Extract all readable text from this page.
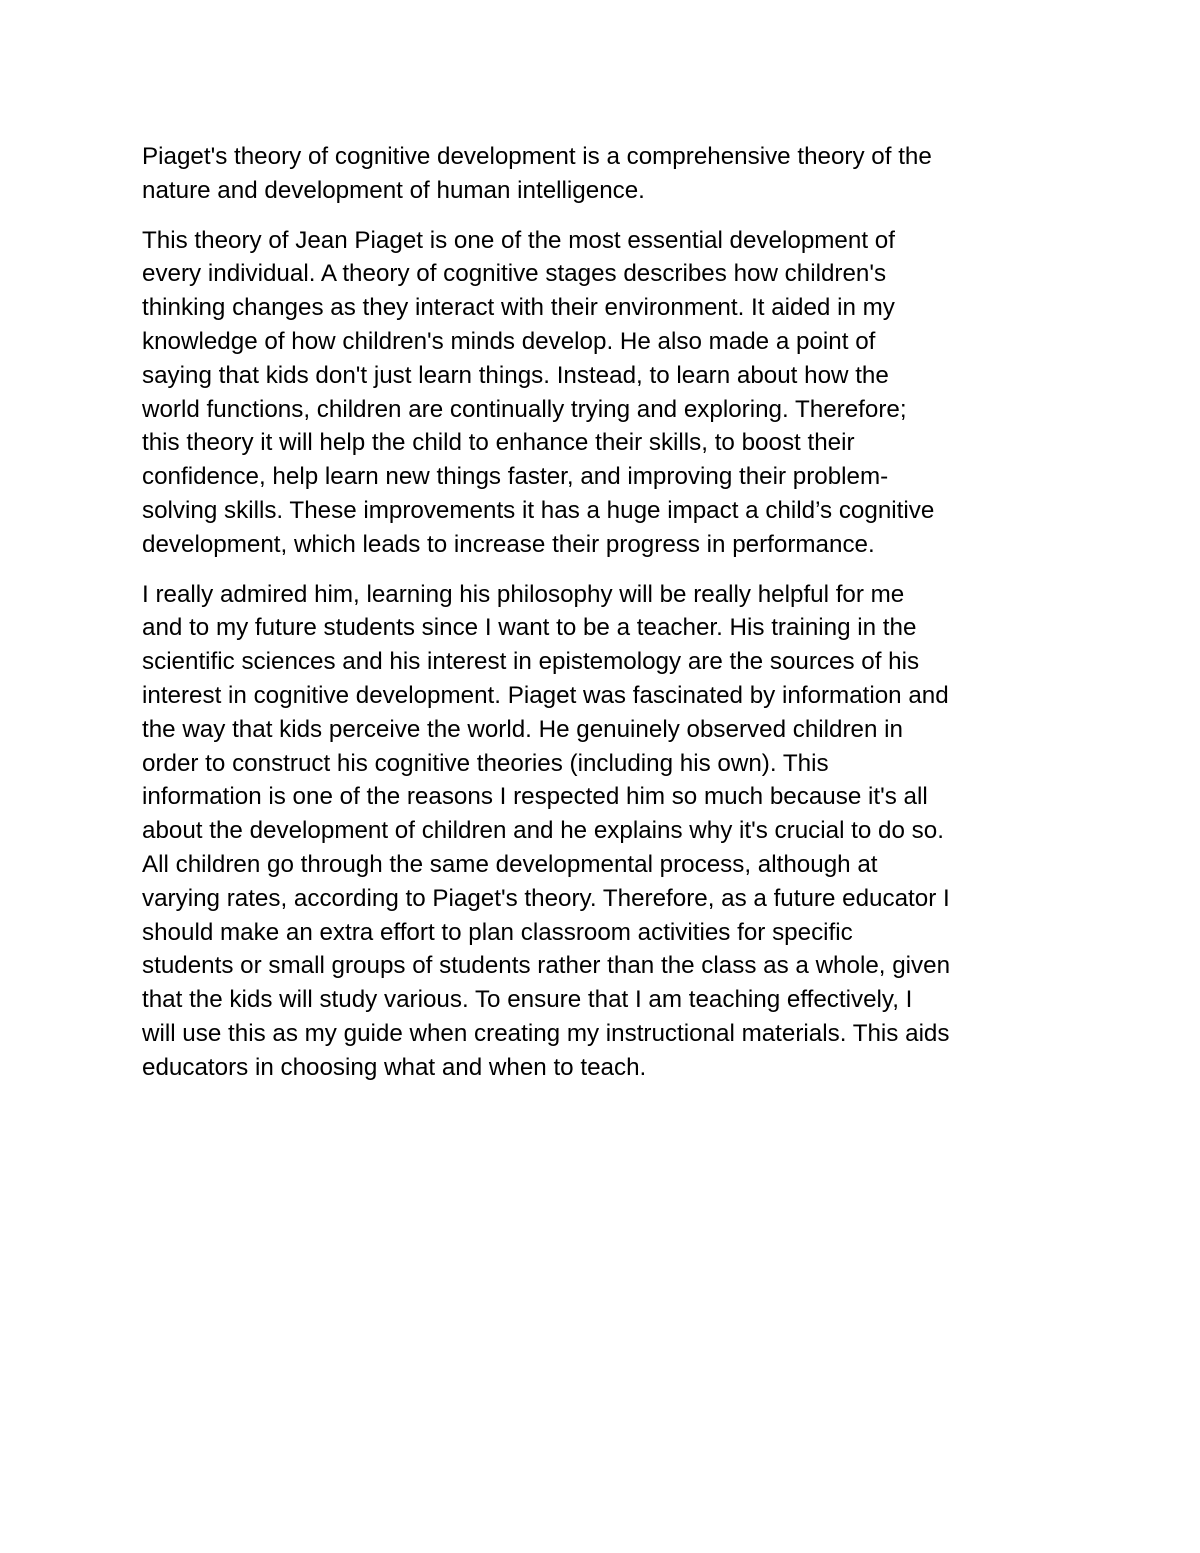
Piaget's theory of cognitive development is a comprehensive theory of the
nature and development of human intelligence.

This theory of Jean Piaget is one of the most essential development of
every individual. A theory of cognitive stages describes how children's
thinking changes as they interact with their environment. It aided in my
knowledge of how children's minds develop. He also made a point of
saying that kids don't just learn things. Instead, to learn about how the
world functions, children are continually trying and exploring. Therefore;
this theory it will help the child to enhance their skills, to boost their
confidence, help learn new things faster, and improving their problem-
solving skills. These improvements it has a huge impact a child’s cognitive
development, which leads to increase their progress in performance.

I really admired him, learning his philosophy will be really helpful for me
and to my future students since I want to be a teacher. His training in the
scientific sciences and his interest in epistemology are the sources of his
interest in cognitive development. Piaget was fascinated by information and
the way that kids perceive the world. He genuinely observed children in
order to construct his cognitive theories (including his own). This
information is one of the reasons I respected him so much because it's all
about the development of children and he explains why it's crucial to do so.
All children go through the same developmental process, although at
varying rates, according to Piaget's theory. Therefore, as a future educator I
should make an extra effort to plan classroom activities for specific
students or small groups of students rather than the class as a whole, given
that the kids will study various. To ensure that I am teaching effectively, I
will use this as my guide when creating my instructional materials. This aids
educators in choosing what and when to teach.
